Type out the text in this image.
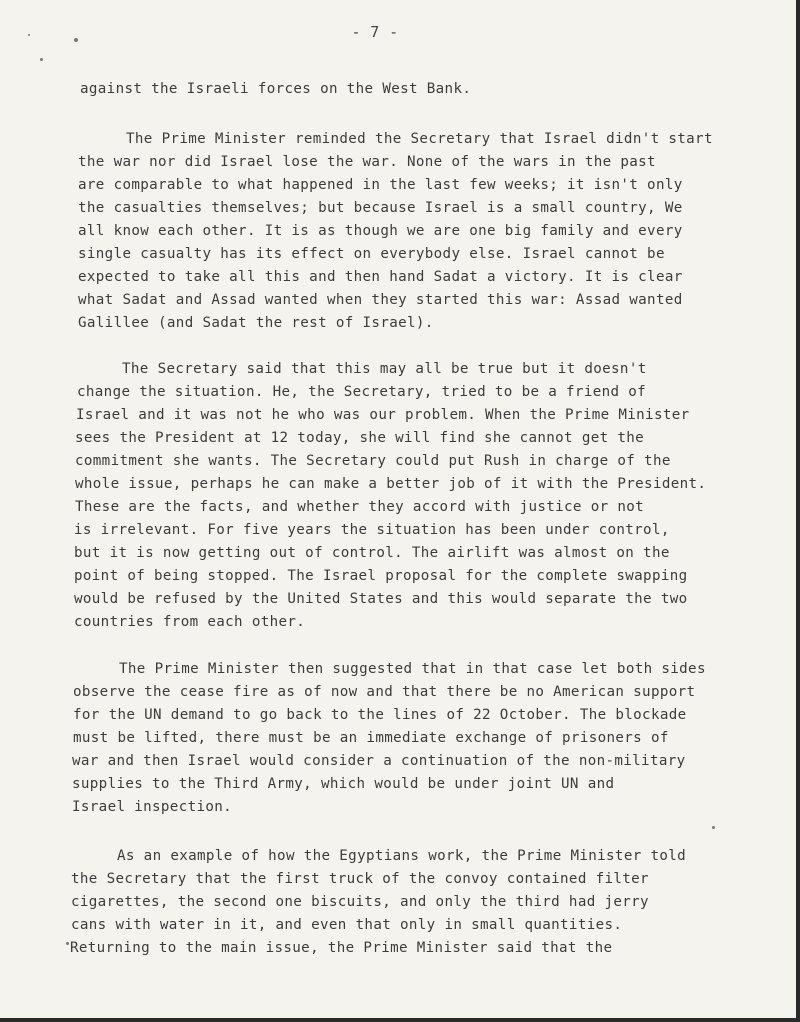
- 7 -
against the Israeli forces on the West Bank.
The Prime Minister reminded the Secretary that Israel didn't start
the war nor did Israel lose the war. None of the wars in the past
are comparable to what happened in the last few weeks; it isn't only
the casualties themselves; but because Israel is a small country, We
all know each other. It is as though we are one big family and every
single casualty has its effect on everybody else. Israel cannot be
expected to take all this and then hand Sadat a victory. It is clear
what Sadat and Assad wanted when they started this war: Assad wanted
Galillee (and Sadat the rest of Israel).
The Secretary said that this may all be true but it doesn't
change the situation. He, the Secretary, tried to be a friend of
Israel and it was not he who was our problem. When the Prime Minister
sees the President at 12 today, she will find she cannot get the
commitment she wants. The Secretary could put Rush in charge of the
whole issue, perhaps he can make a better job of it with the President.
These are the facts, and whether they accord with justice or not
is irrelevant. For five years the situation has been under control,
but it is now getting out of control. The airlift was almost on the
point of being stopped. The Israel proposal for the complete swapping
would be refused by the United States and this would separate the two
countries from each other.
The Prime Minister then suggested that in that case let both sides
observe the cease fire as of now and that there be no American support
for the UN demand to go back to the lines of 22 October. The blockade
must be lifted, there must be an immediate exchange of prisoners of
war and then Israel would consider a continuation of the non-military
supplies to the Third Army, which would be under joint UN and
Israel inspection.
As an example of how the Egyptians work, the Prime Minister told
the Secretary that the first truck of the convoy contained filter
cigarettes, the second one biscuits, and only the third had jerry
cans with water in it, and even that only in small quantities.
Returning to the main issue, the Prime Minister said that the
